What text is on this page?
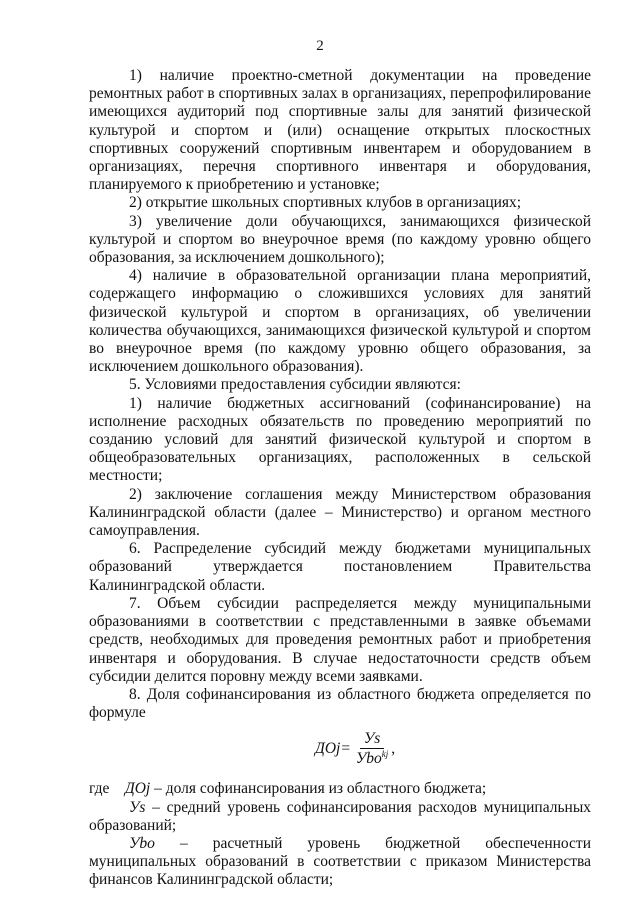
2

1) наличие проектно-сметной документации на проведение ремонтных работ в спортивных залах в организациях, перепрофилирование имеющихся аудиторий под спортивные залы для занятий физической культурой и спортом и (или) оснащение открытых плоскостных спортивных сооружений спортивным инвентарем и оборудованием в организациях, перечня спортивного инвентаря и оборудования, планируемого к приобретению и установке;

2) открытие школьных спортивных клубов в организациях;

3) увеличение доли обучающихся, занимающихся физической культурой и спортом во внеурочное время (по каждому уровню общего образования, за исключением дошкольного);

4) наличие в образовательной организации плана мероприятий, содержащего информацию о сложившихся условиях для занятий физической культурой и спортом в организациях, об увеличении количества обучающихся, занимающихся физической культурой и спортом во внеурочное время (по каждому уровню общего образования, за исключением дошкольного образования).

5. Условиями предоставления субсидии являются:

1) наличие бюджетных ассигнований (софинансирование) на исполнение расходных обязательств по проведению мероприятий по созданию условий для занятий физической культурой и спортом в общеобразовательных организациях, расположенных в сельской местности;

2) заключение соглашения между Министерством образования Калининградской области (далее – Министерство) и органом местного самоуправления.

6. Распределение субсидий между бюджетами муниципальных образований утверждается постановлением Правительства Калининградской области.

7. Объем субсидии распределяется между муниципальными образованиями в соответствии с представленными в заявке объемами средств, необходимых для проведения ремонтных работ и приобретения инвентаря и оборудования. В случае недостаточности средств объем субсидии делится поровну между всеми заявками.

8. Доля софинансирования из областного бюджета определяется по формуле

ДОj = $\frac{Уs}{Уbo^{kj}}$ ,

где ДОj – доля софинансирования из областного бюджета;

Уs – средний уровень софинансирования расходов муниципальных образований;

Уbo – расчетный уровень бюджетной обеспеченности муниципальных образований в соответствии с приказом Министерства финансов Калининградской области;
